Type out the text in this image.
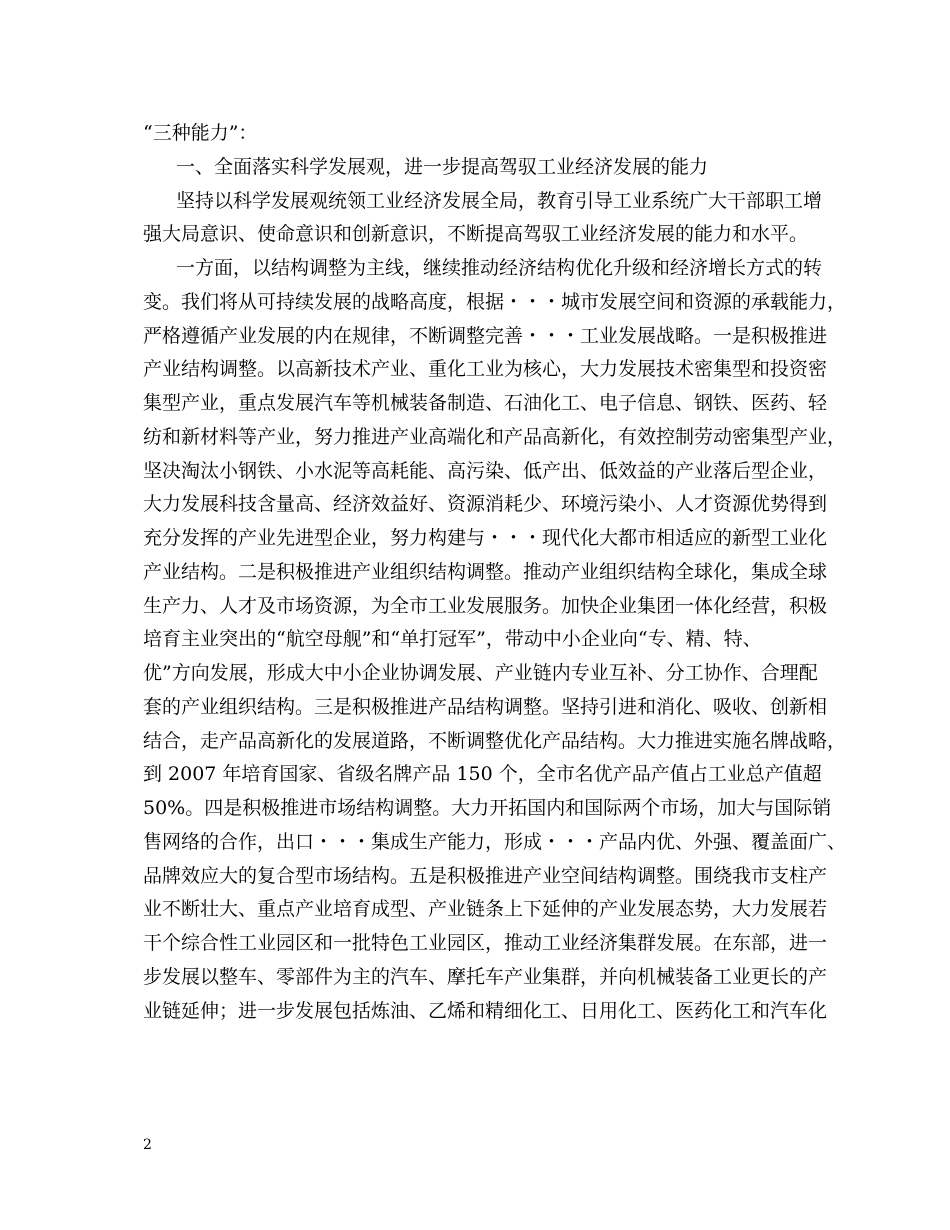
“三种能力”：
一、全面落实科学发展观，进一步提高驾驭工业经济发展的能力
坚持以科学发展观统领工业经济发展全局，教育引导工业系统广大干部职工增
强大局意识、使命意识和创新意识，不断提高驾驭工业经济发展的能力和水平。
一方面，以结构调整为主线，继续推动经济结构优化升级和经济增长方式的转
变。我们将从可持续发展的战略高度，根据・・・城市发展空间和资源的承载能力，
严格遵循产业发展的内在规律，不断调整完善・・・工业发展战略。一是积极推进
产业结构调整。以高新技术产业、重化工业为核心，大力发展技术密集型和投资密
集型产业，重点发展汽车等机械装备制造、石油化工、电子信息、钢铁、医药、轻
纺和新材料等产业，努力推进产业高端化和产品高新化，有效控制劳动密集型产业，
坚决淘汰小钢铁、小水泥等高耗能、高污染、低产出、低效益的产业落后型企业，
大力发展科技含量高、经济效益好、资源消耗少、环境污染小、人才资源优势得到
充分发挥的产业先进型企业，努力构建与・・・现代化大都市相适应的新型工业化
产业结构。二是积极推进产业组织结构调整。推动产业组织结构全球化，集成全球
生产力、人才及市场资源，为全市工业发展服务。加快企业集团一体化经营，积极
培育主业突出的“航空母舰”和“单打冠军”，带动中小企业向“专、精、特、
优”方向发展，形成大中小企业协调发展、产业链内专业互补、分工协作、合理配
套的产业组织结构。三是积极推进产品结构调整。坚持引进和消化、吸收、创新相
结合，走产品高新化的发展道路，不断调整优化产品结构。大力推进实施名牌战略，
到 2007 年培育国家、省级名牌产品 150 个，全市名优产品产值占工业总产值超
50%。四是积极推进市场结构调整。大力开拓国内和国际两个市场，加大与国际销
售网络的合作，出口・・・集成生产能力，形成・・・产品内优、外强、覆盖面广、
品牌效应大的复合型市场结构。五是积极推进产业空间结构调整。围绕我市支柱产
业不断壮大、重点产业培育成型、产业链条上下延伸的产业发展态势，大力发展若
干个综合性工业园区和一批特色工业园区，推动工业经济集群发展。在东部，进一
步发展以整车、零部件为主的汽车、摩托车产业集群，并向机械装备工业更长的产
业链延伸；进一步发展包括炼油、乙烯和精细化工、日用化工、医药化工和汽车化
2
